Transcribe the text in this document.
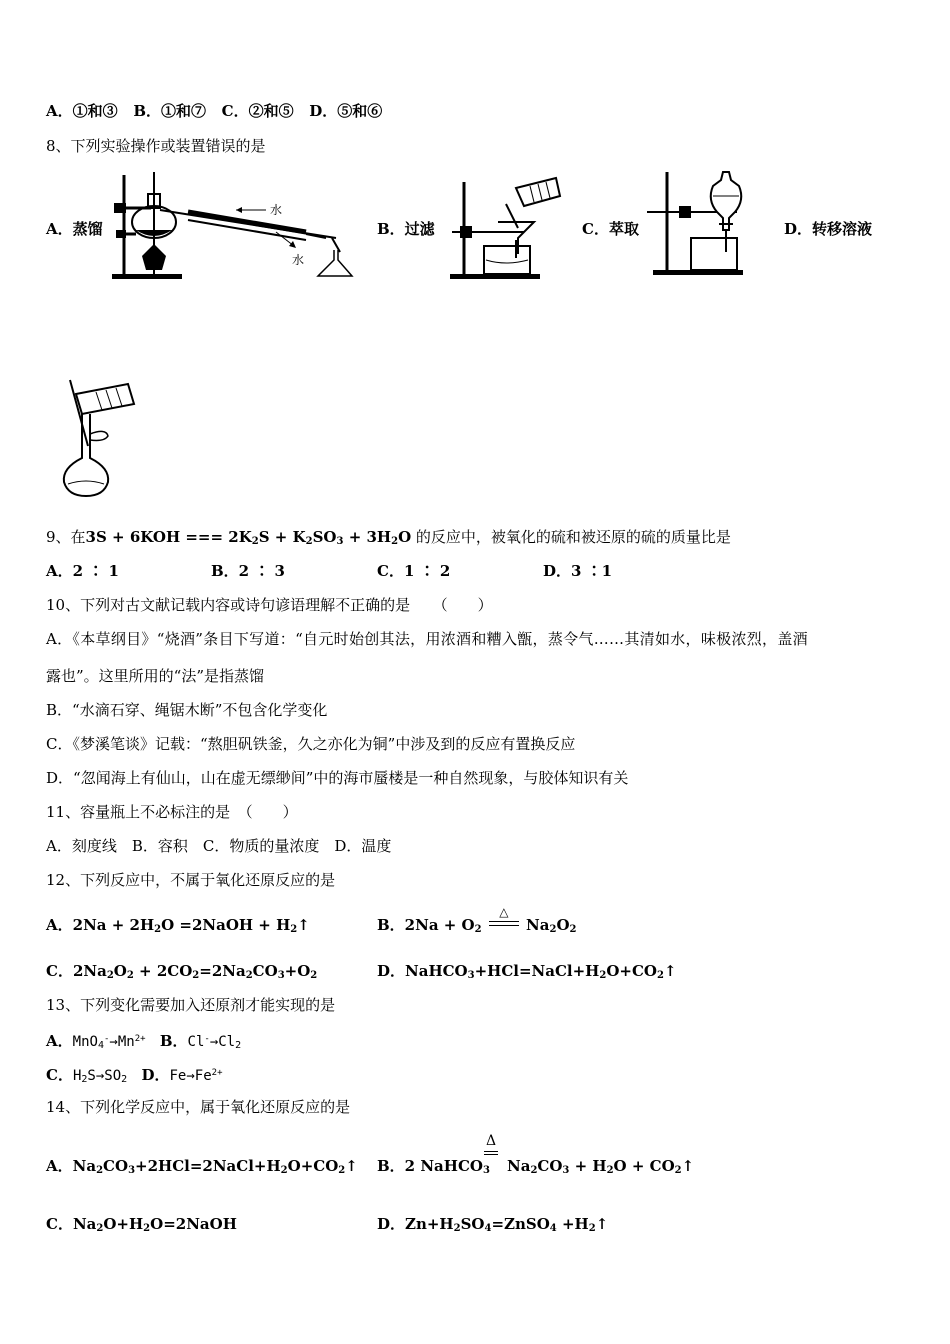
A．①和③ B．①和⑦ C．②和⑤ D．⑤和⑥
8、下列实验操作或装置错误的是
A．蒸馏
水
水
B．过滤	C．萃取	D．转移溶液
9、在3S + 6KOH === $2K_2S + K_2SO_3 + 3H_2O$ 的反应中，被氧化的硫和被还原的硫的质量比是
A．2 ∶ 1	B．2 ∶ 3	C．1 ∶ 2	D．3 ∶1
10、下列对古文献记载内容或诗句谚语理解不正确的是　　（　　）
A．《本草纲目》“烧酒”条目下写道：“自元时始创其法，用浓酒和糟入甑，蒸令气……其清如水，味极浓烈，盖酒
露也”。这里所用的“法”是指蒸馏
B．“水滴石穿、绳锯木断”不包含化学变化
C．《梦溪笔谈》记载：“熬胆矾铁釜，久之亦化为铜”中涉及到的反应有置换反应
D．“忽闻海上有仙山，山在虚无缥缈间”中的海市蜃楼是一种自然现象，与胶体知识有关
11、容量瓶上不必标注的是　（　　）
A．刻度线　B．容积　C．物质的量浓度　D．温度
12、下列反应中，不属于氧化还原反应的是
A．$2Na + 2H_2O$ =2NaOH + $H_2↑$	B．$2Na + O_2$
△
$Na_2O_2$
C．$2Na_2O_2 + 2CO_2=2Na_2CO_3+O_2$	D．$NaHCO_3+HCl=NaCl+H_2O+CO_2↑$
13、下列变化需要加入还原剂才能实现的是
A．$MnO_4^-\to Mn^{2+}$ B．$Cl^-\to Cl_2$
C．$H_2S\to SO_2$ D．$Fe\to Fe^{2+}$
14、下列化学反应中，属于氧化还原反应的是
A．$Na_2CO_3+2HCl=2NaCl+H_2O+CO_2↑$ B．2 NaHCO$_3$
Δ
$Na_2CO_3 + H_2O$ + $CO_2↑$
C．$Na_2O+H_2O=2NaOH$	D．$Zn+H_2SO_4=ZnSO_4$ $+H_2↑$
